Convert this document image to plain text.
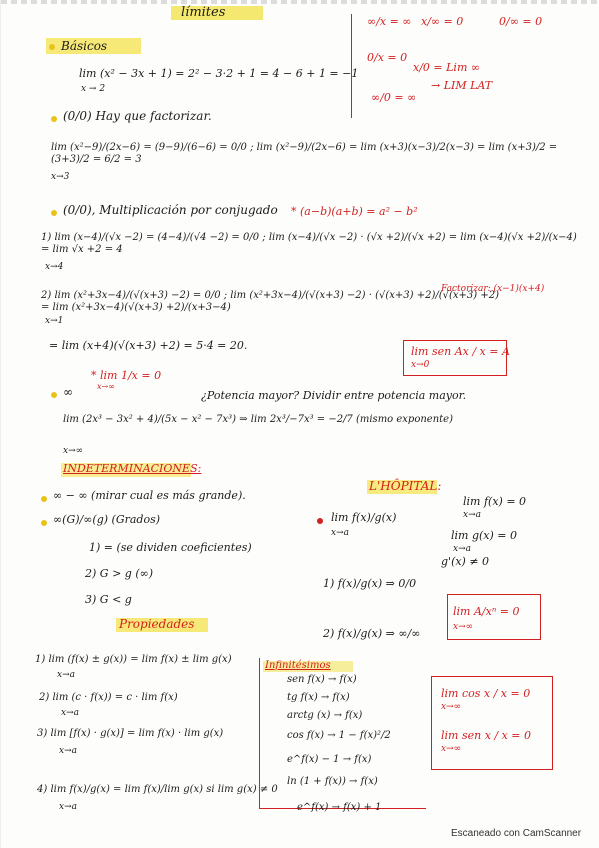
límites
∞/x = ∞ x/∞ = 0	0/∞ = 0
0/x = 0
x/0 = Lim ∞
→ LIM LAT
∞/0 = ∞
Básicos
lim (x² − 3x + 1) = 2² − 3·2 + 1 = 4 − 6 + 1 = −1
x → 2
(0/0) Hay que factorizar.
lim (x²−9)/(2x−6) = (9−9)/(6−6) = 0/0 ; lim (x²−9)/(2x−6) = lim (x+3)(x−3)/2(x−3) = lim (x+3)/2 = (3+3)/2 = 6/2 = 3
x→3
(0/0), Multiplicación por conjugado * (a−b)(a+b) = a² − b²
1) lim (x−4)/(√x −2) = (4−4)/(√4 −2) = 0/0 ; lim (x−4)/(√x −2) · (√x +2)/(√x +2) = lim (x−4)(√x +2)/(x−4) = lim √x +2 = 4
x→4
2) lim (x²+3x−4)/(√(x+3) −2) = 0/0 ; lim (x²+3x−4)/(√(x+3) −2) · (√(x+3) +2)/(√(x+3) +2) = lim (x²+3x−4)(√(x+3) +2)/(x+3−4)
x→1
Factorizar: (x−1)(x+4)
= lim (x+4)(√(x+3) +2) = 5·4 = 20.	lim sen Ax / x = A
x→0
∞
* lim 1/x = 0
x→∞
¿Potencia mayor? Dividir entre potencia mayor.
lim (2x³ − 3x² + 4)/(5x − x² − 7x³) ⇒ lim 2x³/−7x³ = −2/7 (mismo exponente)
x→∞
INDETERMINACIONES:
∞ − ∞ (mirar cual es más grande).
∞(G)/∞(g) (Grados)
1) = (se dividen coeficientes)
2) G > g (∞)
3) G < g
L'HÔPITAL:
lim f(x)/g(x)
x→a
lim f(x) = 0
x→a
lim g(x) = 0
x→a
g'(x) ≠ 0
1) f(x)/g(x) ⇒ 0/0
2) f(x)/g(x) ⇒ ∞/∞
lim A/xⁿ = 0
x→∞
Propiedades
1) lim (f(x) ± g(x)) = lim f(x) ± lim g(x)
2) lim (c · f(x)) = c · lim f(x)
3) lim [f(x) · g(x)] = lim f(x) · lim g(x)
4) lim f(x)/g(x) = lim f(x)/lim g(x) si lim g(x) ≠ 0
x→a
x→a
x→a
x→a
Infinitésimos
sen f(x) → f(x)
tg f(x) → f(x)
arctg (x) → f(x)
cos f(x) → 1 − f(x)²/2
e^f(x) − 1 → f(x)
ln (1 + f(x)) → f(x)
e^f(x) → f(x) + 1
lim cos x / x = 0
x→∞
lim sen x / x = 0
x→∞
Escaneado con CamScanner
